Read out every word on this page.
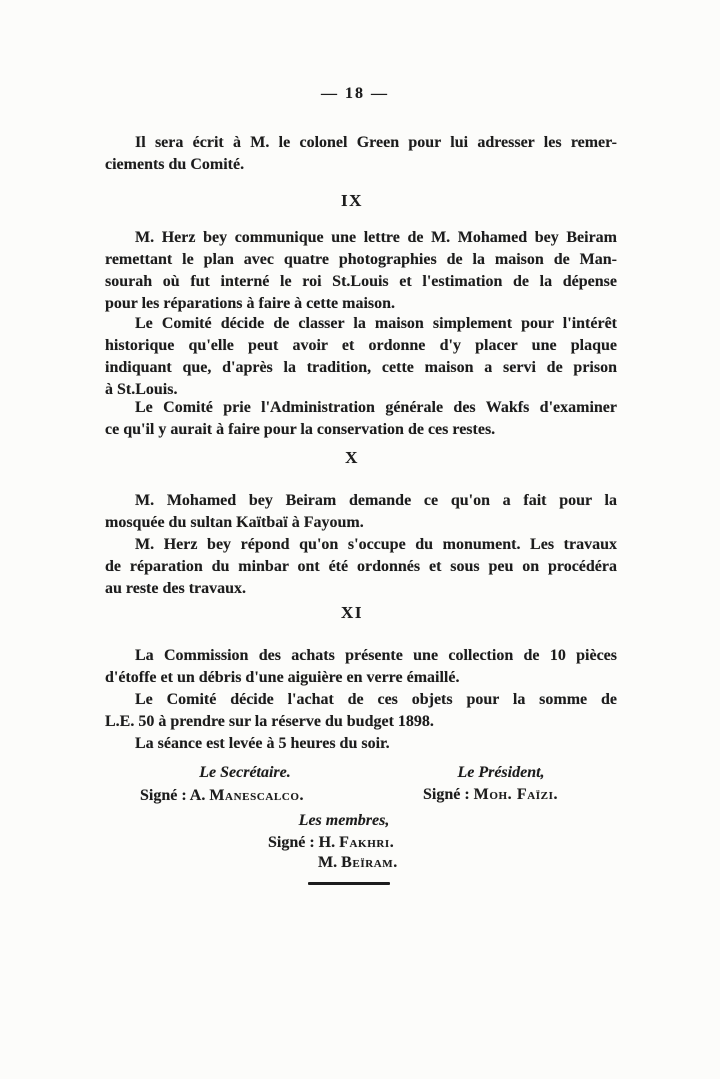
— 18 —
Il sera écrit à M. le colonel Green pour lui adresser les remer-
ciements du Comité.
IX
M. Herz bey communique une lettre de M. Mohamed bey Beiram
remettant le plan avec quatre photographies de la maison de Man-
sourah où fut interné le roi St.Louis et l'estimation de la dépense
pour les réparations à faire à cette maison.
Le Comité décide de classer la maison simplement pour l'intérêt
historique qu'elle peut avoir et ordonne d'y placer une plaque
indiquant que, d'après la tradition, cette maison a servi de prison
à St.Louis.
Le Comité prie l'Administration générale des Wakfs d'examiner
ce qu'il y aurait à faire pour la conservation de ces restes.
X
M. Mohamed bey Beiram demande ce qu'on a fait pour la
mosquée du sultan Kaïtbaï à Fayoum.
M. Herz bey répond qu'on s'occupe du monument. Les travaux
de réparation du minbar ont été ordonnés et sous peu on procédéra
au reste des travaux.
XI
La Commission des achats présente une collection de 10 pièces
d'étoffe et un débris d'une aiguière en verre émaillé.
Le Comité décide l'achat de ces objets pour la somme de
L.E. 50 à prendre sur la réserve du budget 1898.
La séance est levée à 5 heures du soir.
Le Secrétaire.	Le Président,
Signé : A. Manescalco.	Signé : Moh. Faïzi.
Les membres,
Signé : H. Fakhri.
M. Beïram.
